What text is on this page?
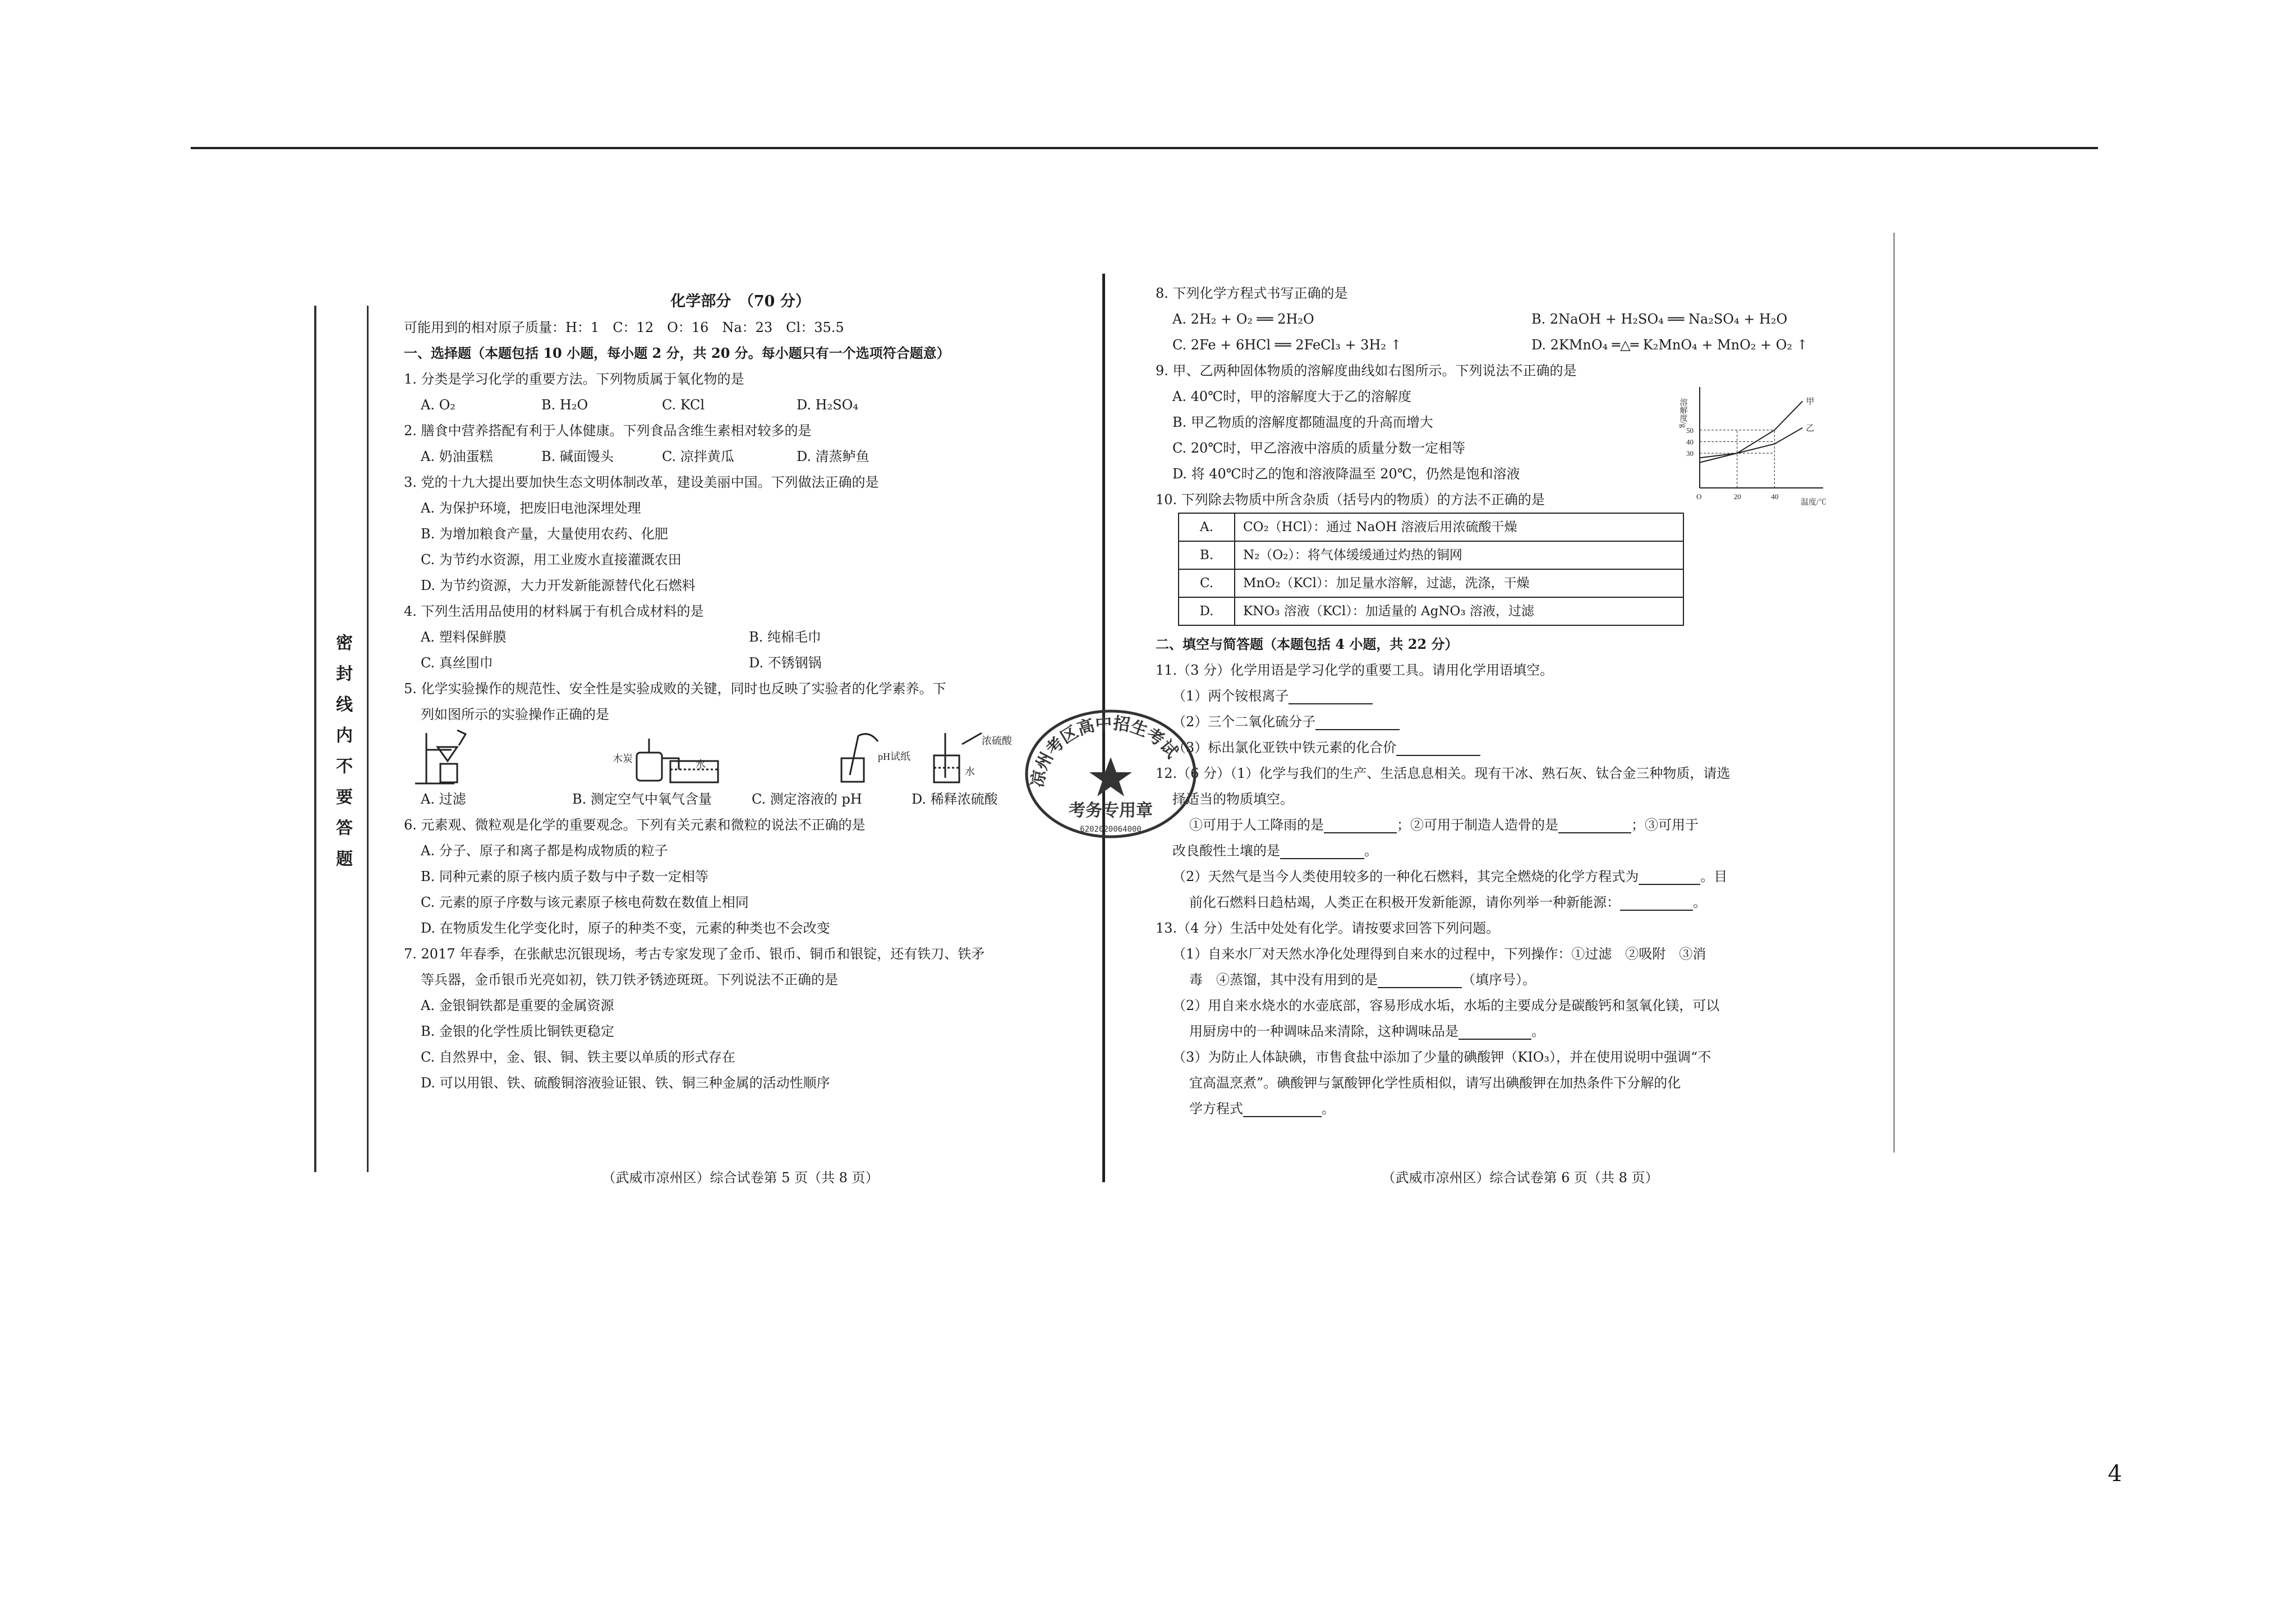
4
密封线内不要答题
化学部分　（70 分）
可能用到的相对原子质量：H：1　C：12　O：16　Na：23　Cl：35.5
一、选择题（本题包括 10 小题，每小题 2 分，共 20 分。每小题只有一个选项符合题意）
1. 分类是学习化学的重要方法。下列物质属于氧化物的是
A. O₂	B. H₂O	C. KCl	D. H₂SO₄
2. 膳食中营养搭配有利于人体健康。下列食品含维生素相对较多的是
A. 奶油蛋糕	B. 碱面馒头	C. 凉拌黄瓜	D. 清蒸鲈鱼
3. 党的十九大提出要加快生态文明体制改革，建设美丽中国。下列做法正确的是
A. 为保护环境，把废旧电池深埋处理
B. 为增加粮食产量，大量使用农药、化肥
C. 为节约水资源，用工业废水直接灌溉农田
D. 为节约资源，大力开发新能源替代化石燃料
4. 下列生活用品使用的材料属于有机合成材料的是
A. 塑料保鲜膜	B. 纯棉毛巾
C. 真丝围巾	D. 不锈钢锅
5. 化学实验操作的规范性、安全性是实验成败的关键，同时也反映了实验者的化学素养。下
列如图所示的实验操作正确的是
木炭	水
pH试纸
浓硫酸
水
A. 过滤	B. 测定空气中氧气含量	C. 测定溶液的 pH	D. 稀释浓硫酸
6. 元素观、微粒观是化学的重要观念。下列有关元素和微粒的说法不正确的是
A. 分子、原子和离子都是构成物质的粒子
B. 同种元素的原子核内质子数与中子数一定相等
C. 元素的原子序数与该元素原子核电荷数在数值上相同
D. 在物质发生化学变化时，原子的种类不变，元素的种类也不会改变
7. 2017 年春季，在张献忠沉银现场，考古专家发现了金币、银币、铜币和银锭，还有铁刀、铁矛
等兵器，金币银币光亮如初，铁刀铁矛锈迹斑斑。下列说法不正确的是
A. 金银铜铁都是重要的金属资源
B. 金银的化学性质比铜铁更稳定
C. 自然界中，金、银、铜、铁主要以单质的形式存在
D. 可以用银、铁、硫酸铜溶液验证银、铁、铜三种金属的活动性顺序
（武威市凉州区）综合试卷第 5 页（共 8 页）
8. 下列化学方程式书写正确的是
A. 2H₂ + O₂ ══ 2H₂O	B. 2NaOH + H₂SO₄ ══ Na₂SO₄ + H₂O
C. 2Fe + 6HCl ══ 2FeCl₃ + 3H₂ ↑	D. 2KMnO₄ ═△═ K₂MnO₄ + MnO₂ + O₂ ↑
9. 甲、乙两种固体物质的溶解度曲线如右图所示。下列说法不正确的是
A. 40℃时，甲的溶解度大于乙的溶解度
B. 甲乙物质的溶解度都随温度的升高而增大
C. 20℃时，甲乙溶液中溶质的质量分数一定相等
D. 将 40℃时乙的饱和溶液降温至 20℃，仍然是饱和溶液
10. 下列除去物质中所含杂质（括号内的物质）的方法不正确的是
A.	CO₂（HCl）：通过 NaOH 溶液后用浓硫酸干燥
B.	N₂（O₂）：将气体缓缓通过灼热的铜网
C.	MnO₂（KCl）：加足量水溶解，过滤，洗涤，干燥
D.	KNO₃ 溶液（KCl）：加适量的 AgNO₃ 溶液，过滤
二、填空与简答题（本题包括 4 小题，共 22 分）
11.（3 分）化学用语是学习化学的重要工具。请用化学用语填空。
（1）两个铵根离子
（2）三个二氧化硫分子
（3）标出氯化亚铁中铁元素的化合价
12.（6 分）（1）化学与我们的生产、生活息息相关。现有干冰、熟石灰、钛合金三种物质，请选
择适当的物质填空。
①可用于人工降雨的是	；②可用于制造人造骨的是	；③可用于
改良酸性土壤的是	。
（2）天然气是当今人类使用较多的一种化石燃料，其完全燃烧的化学方程式为	。目
前化石燃料日趋枯竭，人类正在积极开发新能源，请你列举一种新能源：	。
13.（4 分）生活中处处有化学。请按要求回答下列问题。
（1）自来水厂对天然水净化处理得到自来水的过程中，下列操作：①过滤　②吸附　③消
毒　④蒸馏，其中没有用到的是	（填序号）。
（2）用自来水烧水的水壶底部，容易形成水垢，水垢的主要成分是碳酸钙和氢氧化镁，可以
用厨房中的一种调味品来清除，这种调味品是	。
（3）为防止人体缺碘，市售食盐中添加了少量的碘酸钾（KIO₃），并在使用说明中强调“不
宜高温烹煮”。碘酸钾与氯酸钾化学性质相似，请写出碘酸钾在加热条件下分解的化
学方程式	。
（武威市凉州区）综合试卷第 6 页（共 8 页）
溶解度/g
温度/℃
30
40
50
O	20	40
甲
乙
凉州考区高中招生考试
考务专用章
6202020064000
